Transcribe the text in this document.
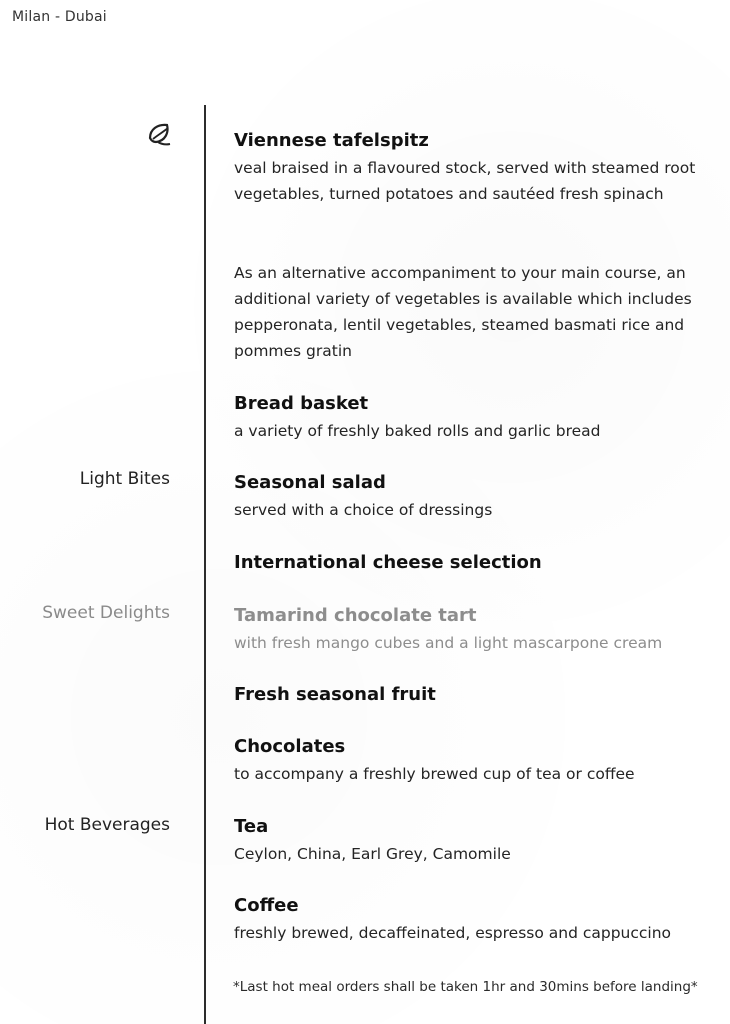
Milan - Dubai
Light Bites
Sweet Delights
Hot Beverages
Viennese tafelspitz
veal braised in a flavoured stock, served with steamed root vegetables, turned potatoes and sautéed fresh spinach
As an alternative accompaniment to your main course, an additional variety of vegetables is available which includes pepperonata, lentil vegetables, steamed basmati rice and pommes gratin
Bread basket
a variety of freshly baked rolls and garlic bread
Seasonal salad
served with a choice of dressings
International cheese selection
Tamarind chocolate tart
with fresh mango cubes and a light mascarpone cream
Fresh seasonal fruit
Chocolates
to accompany a freshly brewed cup of tea or coffee
Tea
Ceylon, China, Earl Grey, Camomile
Coffee
freshly brewed, decaffeinated, espresso and cappuccino
*Last hot meal orders shall be taken 1hr and 30mins before landing*
